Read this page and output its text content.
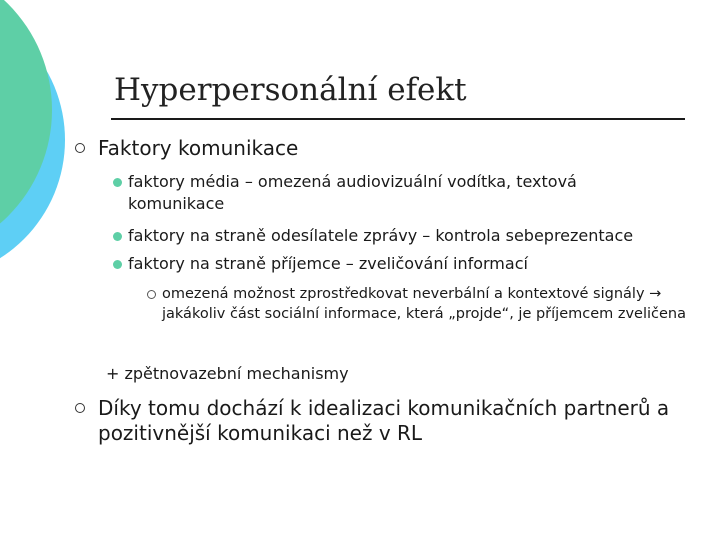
Hyperpersonální efekt
Faktory komunikace
faktory média – omezená audiovizuální vodítka, textová komunikace
faktory na straně odesílatele zprávy – kontrola sebeprezentace
faktory na straně příjemce – zveličování informací
omezená možnost zprostředkovat neverbální a kontextové signály → jakákoliv část sociální informace, která „projde“, je příjemcem zveličena
+ zpětnovazební mechanismy
Díky tomu dochází k idealizaci komunikačních partnerů a pozitivnější komunikaci než v RL
